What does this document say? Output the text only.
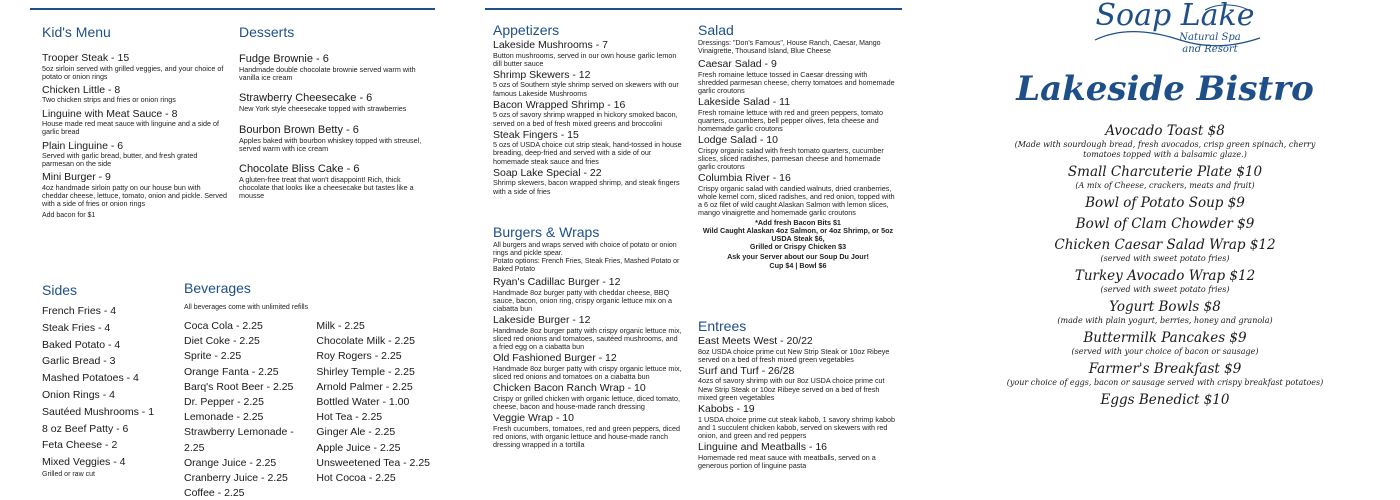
Kid's Menu
Trooper Steak - 15
5oz sirloin served with grilled veggies, and your choice of potato or onion rings
Chicken Little - 8
Two chicken strips and fries or onion rings
Linguine with Meat Sauce - 8
House made red meat sauce with linguine and a side of garlic bread
Plain Linguine - 6
Served with garlic bread, butter, and fresh grated parmesan on the side
Mini Burger - 9
4oz handmade sirloin patty on our house bun with cheddar cheese, lettuce, tomato, onion and pickle. Served with a side of fries or onion rings
Add bacon for $1
Sides
French Fries - 4
Steak Fries - 4
Baked Potato - 4
Garlic Bread - 3
Mashed Potatoes - 4
Onion Rings - 4
Sautéed Mushrooms - 1
8 oz Beef Patty - 6
Feta Cheese - 2
Mixed Veggies - 4
Grilled or raw cut
Desserts
Fudge Brownie - 6
Handmade double chocolate brownie served warm with vanilla ice cream
Strawberry Cheesecake - 6
New York style cheesecake topped with strawberries
Bourbon Brown Betty - 6
Apples baked with bourbon whiskey topped with streusel, served warm with ice cream
Chocolate Bliss Cake - 6
A gluten-free treat that won't disappoint! Rich, thick chocolate that looks like a cheesecake but tastes like a mousse
Beverages
All beverages come with unlimited refills
Coca Cola - 2.25
Diet Coke - 2.25
Sprite - 2.25
Orange Fanta - 2.25
Barq's Root Beer - 2.25
Dr. Pepper - 2.25
Lemonade - 2.25
Strawberry Lemonade - 2.25
Orange Juice - 2.25
Cranberry Juice - 2.25
Coffee - 2.25
Milk - 2.25
Chocolate Milk - 2.25
Roy Rogers - 2.25
Shirley Temple - 2.25
Arnold Palmer - 2.25
Bottled Water - 1.00
Hot Tea - 2.25
Ginger Ale - 2.25
Apple Juice - 2.25
Unsweetened Tea - 2.25
Hot Cocoa - 2.25
Appetizers
Lakeside Mushrooms - 7
Button mushrooms, served in our own house garlic lemon dill butter sauce
Shrimp Skewers - 12
5 ozs of Southern style shrimp served on skewers with our famous Lakeside Mushrooms
Bacon Wrapped Shrimp - 16
5 ozs of savory shrimp wrapped in hickory smoked bacon, served on a bed of fresh mixed greens and broccolini
Steak Fingers - 15
5 ozs of USDA choice cut strip steak, hand-tossed in house breading, deep-fried and served with a side of our homemade steak sauce and fries
Soap Lake Special - 22
Shrimp skewers, bacon wrapped shrimp, and steak fingers with a side of fries
Burgers & Wraps
All burgers and wraps served with choice of potato or onion rings and pickle spear.
Potato options: French Fries, Steak Fries, Mashed Potato or Baked Potato
Ryan's Cadillac Burger - 12
Handmade 8oz burger patty with cheddar cheese, BBQ sauce, bacon, onion ring, crispy organic lettuce mix on a ciabatta bun
Lakeside Burger - 12
Handmade 8oz burger patty with crispy organic lettuce mix, sliced red onions and tomatoes, sautéed mushrooms, and a fried egg on a ciabatta bun
Old Fashioned Burger - 12
Handmade 8oz burger patty with crispy organic lettuce mix, sliced red onions and tomatoes on a ciabatta bun
Chicken Bacon Ranch Wrap - 10
Crispy or grilled chicken with organic lettuce, diced tomato, cheese, bacon and house-made ranch dressing
Veggie Wrap - 10
Fresh cucumbers, tomatoes, red and green peppers, diced red onions, with organic lettuce and house-made ranch dressing wrapped in a tortilla
Salad
Dressings: "Don's Famous", House Ranch, Caesar, Mango Vinaigrette, Thousand Island, Blue Cheese
Caesar Salad - 9
Fresh romaine lettuce tossed in Caesar dressing with shredded parmesan cheese, cherry tomatoes and homemade garlic croutons
Lakeside Salad - 11
Fresh romaine lettuce with red and green peppers, tomato quarters, cucumbers, bell pepper olives, feta cheese and homemade garlic croutons
Lodge Salad - 10
Crispy organic salad with fresh tomato quarters, cucumber slices, sliced radishes, parmesan cheese and homemade garlic croutons
Columbia River - 16
Crispy organic salad with candied walnuts, dried cranberries, whole kernel corn, sliced radishes, and red onion, topped with a 6 oz filet of wild caught Alaskan Salmon with lemon slices, mango vinaigrette and homemade garlic croutons
*Add fresh Bacon Bits $1
Wild Caught Alaskan 4oz Salmon, or 4oz Shrimp, or 5oz USDA Steak $6,
Grilled or Crispy Chicken $3
Ask your Server about our Soup Du Jour!
Cup $4 | Bowl $6
Entrees
East Meets West - 20/22
8oz USDA choice prime cut New Strip Steak or 10oz Ribeye served on a bed of fresh mixed green vegetables
Surf and Turf - 26/28
4ozs of savory shrimp with our 8oz USDA choice prime cut New Strip Steak or 10oz Ribeye served on a bed of fresh mixed green vegetables
Kabobs - 19
1 USDA choice prime cut steak kabob, 1 savory shrimp kabob and 1 succulent chicken kabob, served on skewers with red onion, and green and red peppers
Linguine and Meatballs - 16
Homemade red meat sauce with meatballs, served on a generous portion of linguine pasta
Soap Lake
Natural Spa
and Resort
Lakeside Bistro
Avocado Toast $8
(Made with sourdough bread, fresh avocados, crisp green spinach, cherry tomatoes topped with a balsamic glaze.)
Small Charcuterie Plate $10
(A mix of Cheese, crackers, meats and fruit)
Bowl of Potato Soup $9
Bowl of Clam Chowder $9
Chicken Caesar Salad Wrap $12
(served with sweet potato fries)
Turkey Avocado Wrap $12
(served with sweet potato fries)
Yogurt Bowls $8
(made with plain yogurt, berries, honey and granola)
Buttermilk Pancakes $9
(served with your choice of bacon or sausage)
Farmer's Breakfast $9
(your choice of eggs, bacon or sausage served with crispy breakfast potatoes)
Eggs Benedict $10
